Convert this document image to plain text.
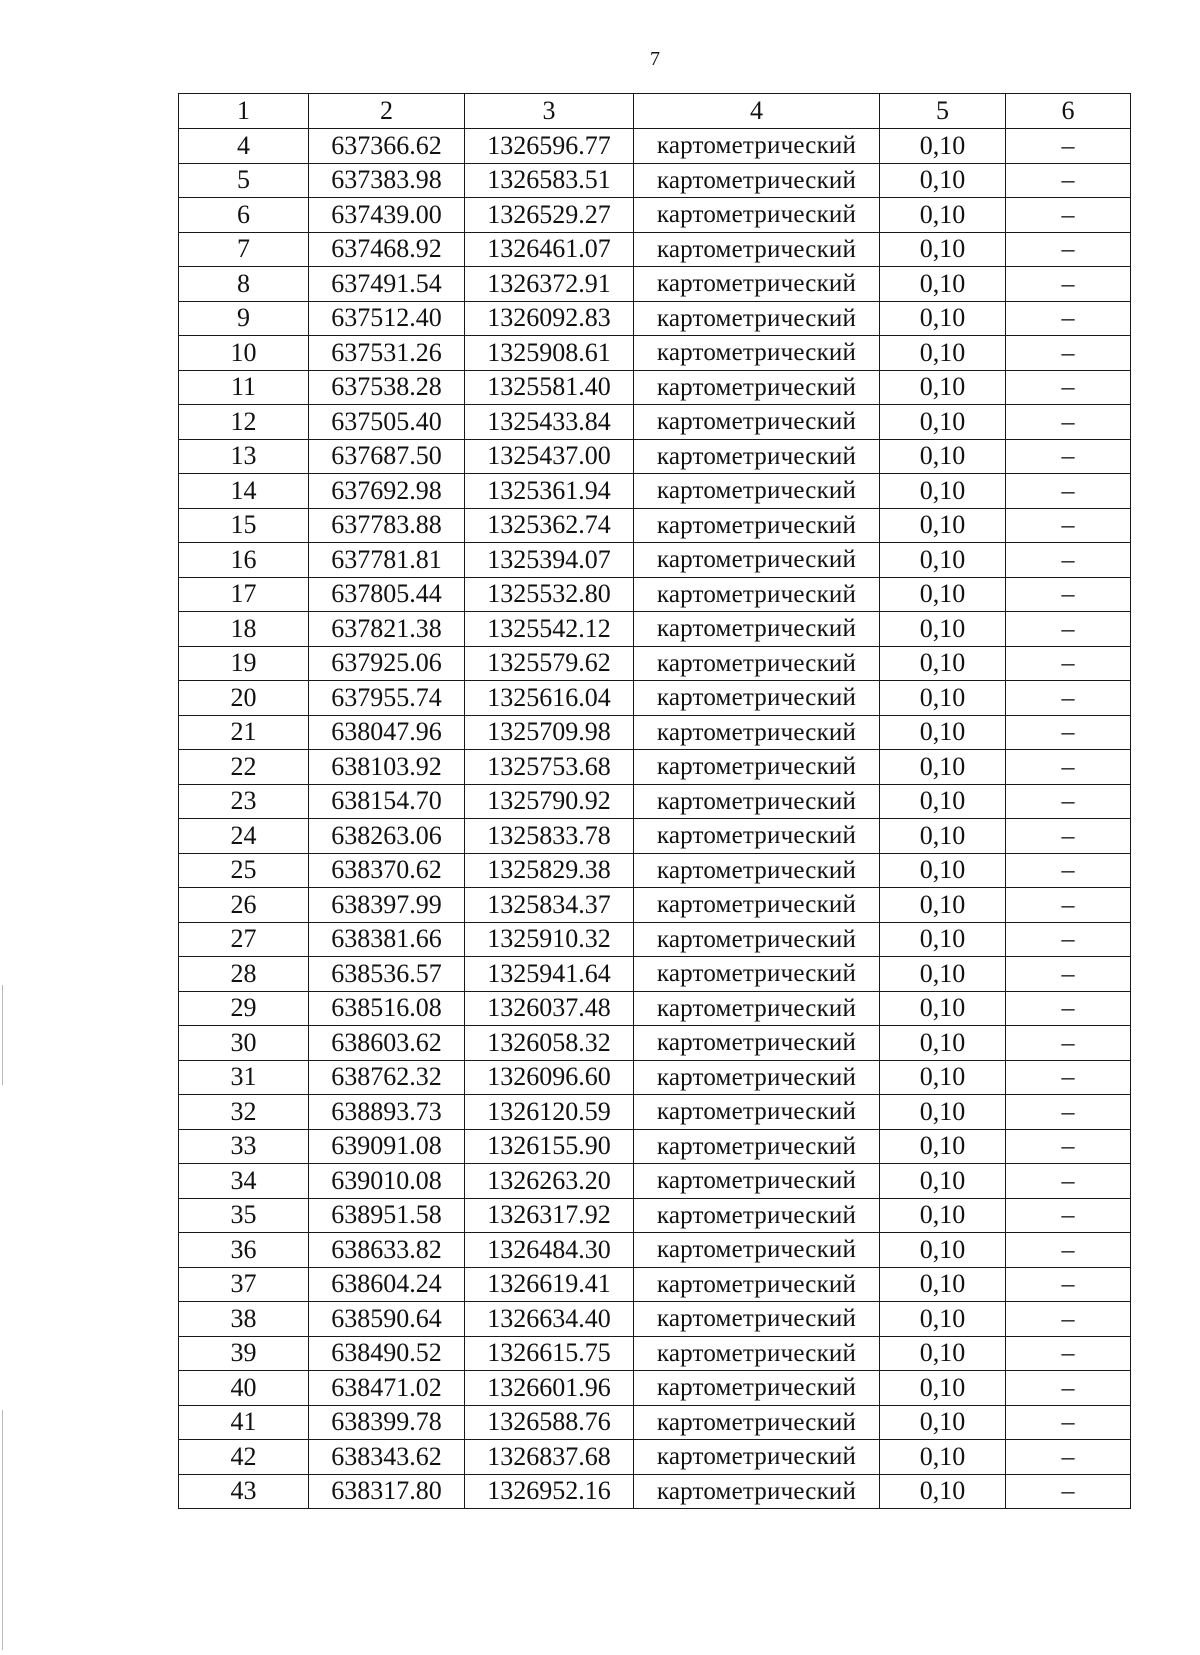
7
1	2	3	4	5	6
4	637366.62	1326596.77	картометрический	0,10	–
5	637383.98	1326583.51	картометрический	0,10	–
6	637439.00	1326529.27	картометрический	0,10	–
7	637468.92	1326461.07	картометрический	0,10	–
8	637491.54	1326372.91	картометрический	0,10	–
9	637512.40	1326092.83	картометрический	0,10	–
10	637531.26	1325908.61	картометрический	0,10	–
11	637538.28	1325581.40	картометрический	0,10	–
12	637505.40	1325433.84	картометрический	0,10	–
13	637687.50	1325437.00	картометрический	0,10	–
14	637692.98	1325361.94	картометрический	0,10	–
15	637783.88	1325362.74	картометрический	0,10	–
16	637781.81	1325394.07	картометрический	0,10	–
17	637805.44	1325532.80	картометрический	0,10	–
18	637821.38	1325542.12	картометрический	0,10	–
19	637925.06	1325579.62	картометрический	0,10	–
20	637955.74	1325616.04	картометрический	0,10	–
21	638047.96	1325709.98	картометрический	0,10	–
22	638103.92	1325753.68	картометрический	0,10	–
23	638154.70	1325790.92	картометрический	0,10	–
24	638263.06	1325833.78	картометрический	0,10	–
25	638370.62	1325829.38	картометрический	0,10	–
26	638397.99	1325834.37	картометрический	0,10	–
27	638381.66	1325910.32	картометрический	0,10	–
28	638536.57	1325941.64	картометрический	0,10	–
29	638516.08	1326037.48	картометрический	0,10	–
30	638603.62	1326058.32	картометрический	0,10	–
31	638762.32	1326096.60	картометрический	0,10	–
32	638893.73	1326120.59	картометрический	0,10	–
33	639091.08	1326155.90	картометрический	0,10	–
34	639010.08	1326263.20	картометрический	0,10	–
35	638951.58	1326317.92	картометрический	0,10	–
36	638633.82	1326484.30	картометрический	0,10	–
37	638604.24	1326619.41	картометрический	0,10	–
38	638590.64	1326634.40	картометрический	0,10	–
39	638490.52	1326615.75	картометрический	0,10	–
40	638471.02	1326601.96	картометрический	0,10	–
41	638399.78	1326588.76	картометрический	0,10	–
42	638343.62	1326837.68	картометрический	0,10	–
43	638317.80	1326952.16	картометрический	0,10	–
